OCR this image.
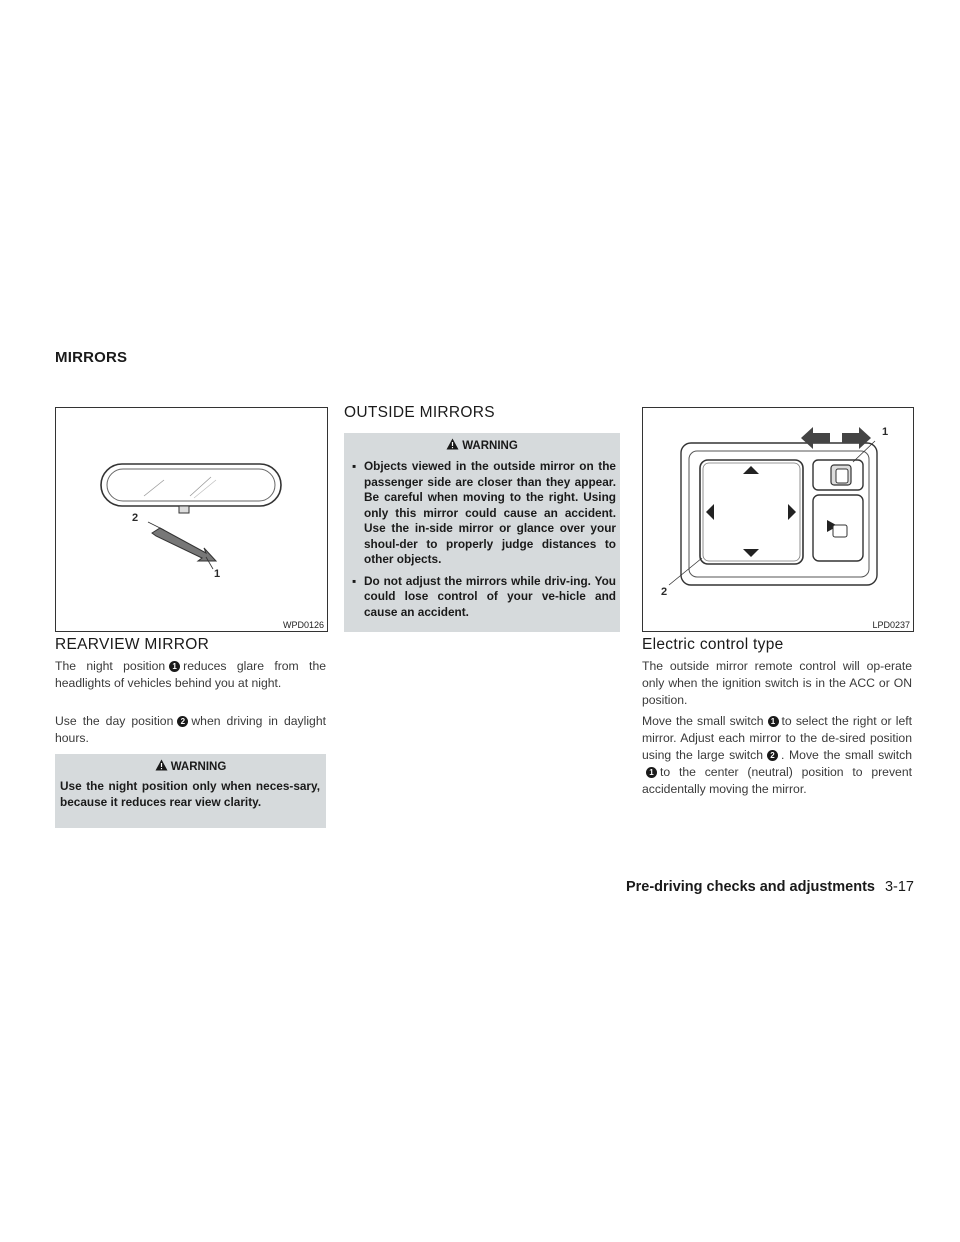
MIRRORS
2
1
WPD0126
REARVIEW MIRROR

The night position 1 reduces glare from the headlights of vehicles behind you at night.

Use the day position 2 when driving in daylight hours.

WARNING
Use the night position only when neces-sary, because it reduces rear view clarity.
OUTSIDE MIRRORS
WARNING
▪ Objects viewed in the outside mirror on the passenger side are closer than they appear. Be careful when moving to the right. Using only this mirror could cause an accident. Use the in-side mirror or glance over your shoul-der to properly judge distances to other objects.
▪ Do not adjust the mirrors while driv-ing. You could lose control of your ve-hicle and cause an accident.
1
2
LPD0237
Electric control type

The outside mirror remote control will op-erate only when the ignition switch is in the ACC or ON position.

Move the small switch 1 to select the right or left mirror. Adjust each mirror to the de-sired position using the large switch 2 . Move the small switch1 to the center (neutral) position to prevent accidentally moving the mirror.

Pre-driving checks and adjustments 3-17
